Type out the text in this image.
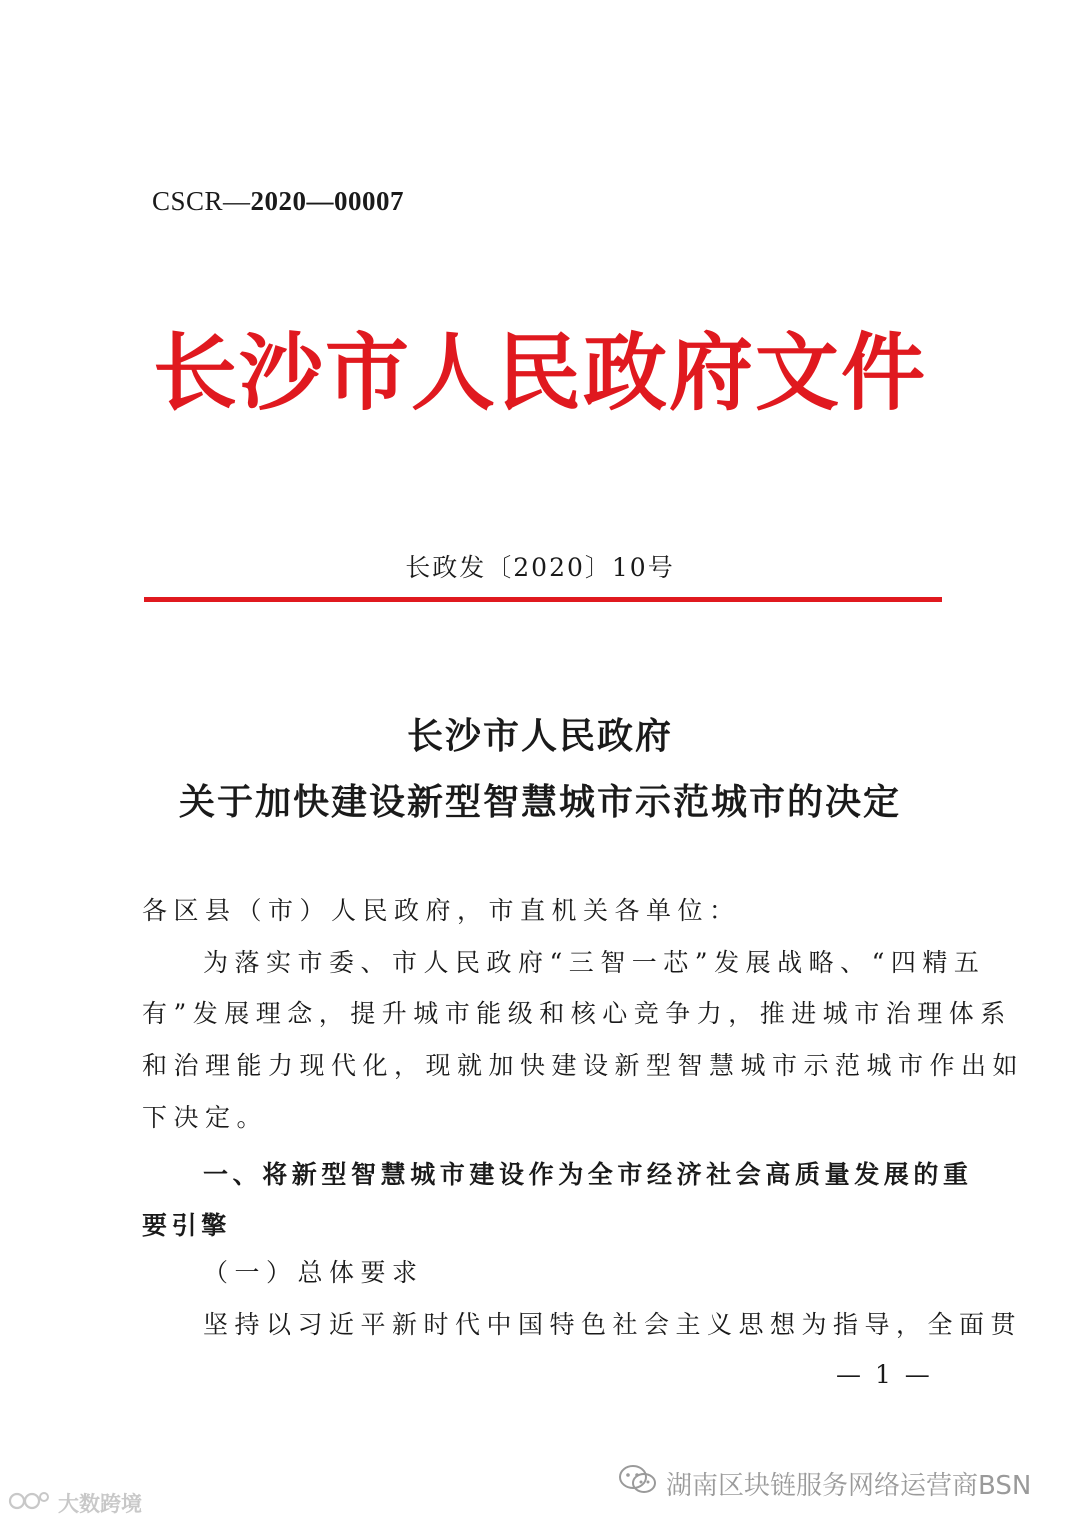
CSCR—2020—00007
长沙市人民政府文件
长政发〔2020〕10号
长沙市人民政府
关于加快建设新型智慧城市示范城市的决定
各区县（市）人民政府，市直机关各单位：
为落实市委、市人民政府“三智一芯”发展战略、“四精五
有”发展理念，提升城市能级和核心竞争力，推进城市治理体系
和治理能力现代化，现就加快建设新型智慧城市示范城市作出如
下决定。
一、将新型智慧城市建设作为全市经济社会高质量发展的重
要引擎
（一）总体要求
坚持以习近平新时代中国特色社会主义思想为指导，全面贯
— 1 —
湖南区块链服务网络运营商BSN
大数跨境
